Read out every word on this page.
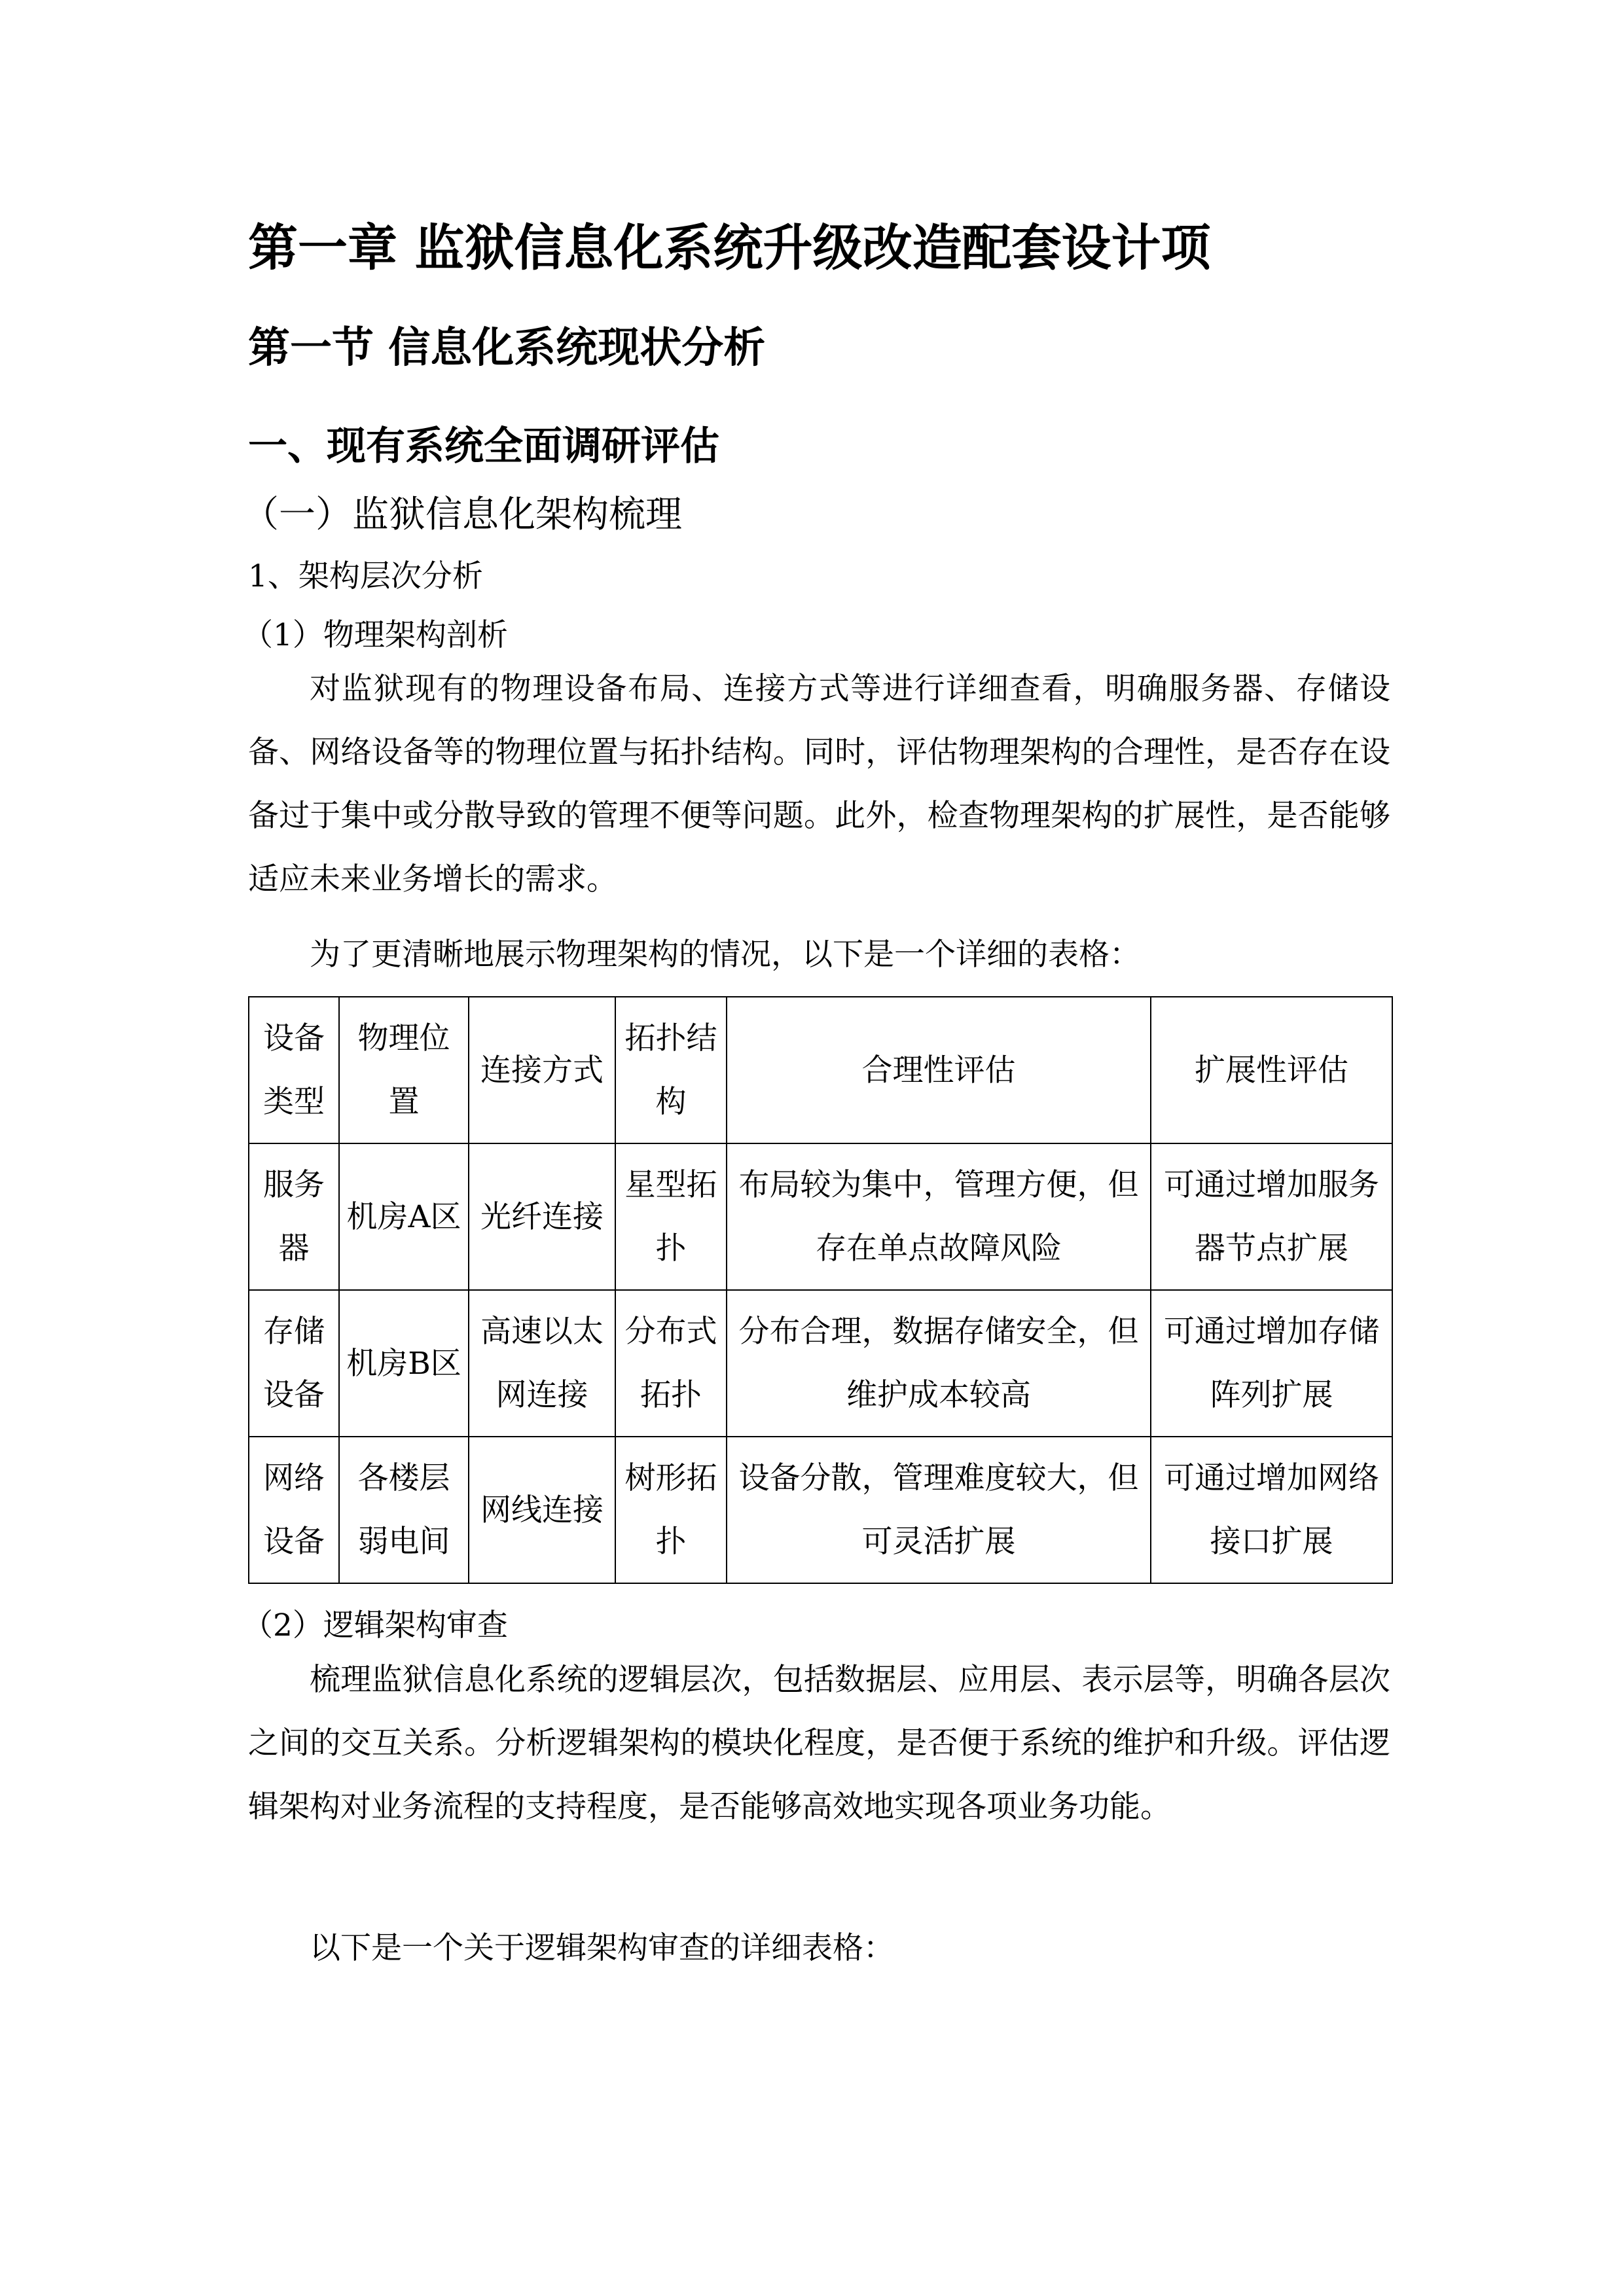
第一章 监狱信息化系统升级改造配套设计项
第一节 信息化系统现状分析
一、现有系统全面调研评估
（一）监狱信息化架构梳理
1、架构层次分析
（1）物理架构剖析
对监狱现有的物理设备布局、连接方式等进行详细查看，明确服务器、存储设备、网络设备等的物理位置与拓扑结构。同时，评估物理架构的合理性，是否存在设备过于集中或分散导致的管理不便等问题。此外，检查物理架构的扩展性，是否能够适应未来业务增长的需求。
为了更清晰地展示物理架构的情况，以下是一个详细的表格：
设备类型	物理位置	连接方式	拓扑结构	合理性评估	扩展性评估
服务器	机房A区	光纤连接	星型拓扑	布局较为集中，管理方便，但存在单点故障风险	可通过增加服务器节点扩展
存储设备	机房B区	高速以太网连接	分布式拓扑	分布合理，数据存储安全，但维护成本较高	可通过增加存储阵列扩展
网络设备	各楼层弱电间	网线连接	树形拓扑	设备分散，管理难度较大，但可灵活扩展	可通过增加网络接口扩展
（2）逻辑架构审查
梳理监狱信息化系统的逻辑层次，包括数据层、应用层、表示层等，明确各层次之间的交互关系。分析逻辑架构的模块化程度，是否便于系统的维护和升级。评估逻辑架构对业务流程的支持程度，是否能够高效地实现各项业务功能。
以下是一个关于逻辑架构审查的详细表格：
